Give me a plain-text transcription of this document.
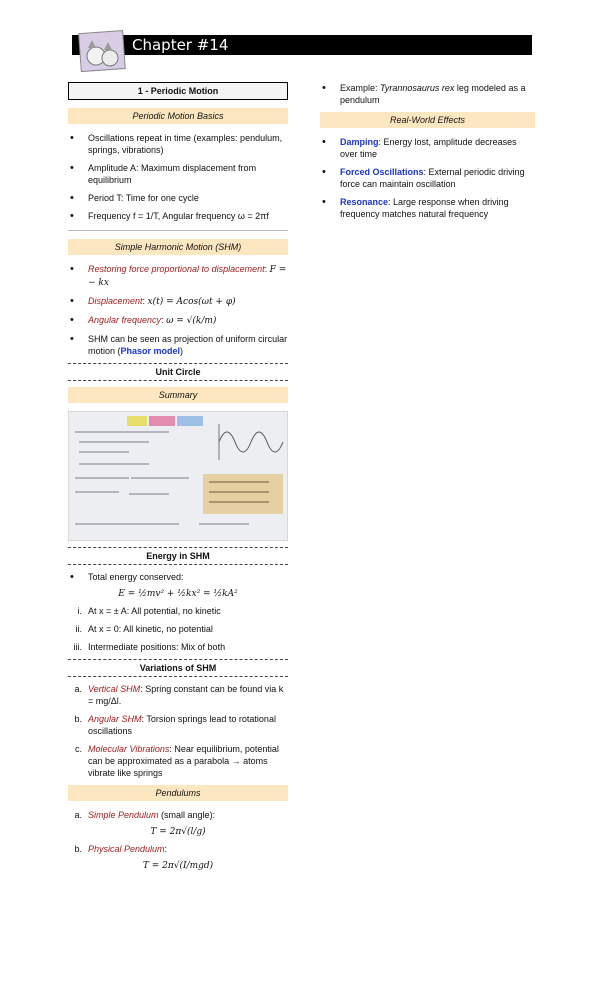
Chapter #14
1 - Periodic Motion
Periodic Motion Basics
• Oscillations repeat in time (examples: pendulum, springs, vibrations)
• Amplitude A: Maximum displacement from equilibrium
• Period T: Time for one cycle
• Frequency f = 1/T, Angular frequency ω = 2πf
Simple Harmonic Motion (SHM)
• Restoring force proportional to displacement: F = − kx
• Displacement: x(t) = Acos(ωt + φ)
• Angular frequency: ω = √(k/m)
• SHM can be seen as projection of uniform circular motion (Phasor model)
Unit Circle
Summary
Energy in SHM
• Total energy conserved:
E = ½mv² + ½kx² = ½kA²
i. At x = ± A: All potential, no kinetic
ii. At x = 0: All kinetic, no potential
iii. Intermediate positions: Mix of both
Variations of SHM
a. Vertical SHM: Spring constant can be found via k = mg/Δl.
b. Angular SHM: Torsion springs lead to rotational oscillations
c. Molecular Vibrations: Near equilibrium, potential can be approximated as a parabola → atoms vibrate like springs
Pendulums
a. Simple Pendulum (small angle):
T = 2π√(l/g)
b. Physical Pendulum:
T = 2π√(I/mgd)
• Example: Tyrannosaurus rex leg modeled as a pendulum
Real-World Effects
• Damping: Energy lost, amplitude decreases over time
• Forced Oscillations: External periodic driving force can maintain oscillation
• Resonance: Large response when driving frequency matches natural frequency
